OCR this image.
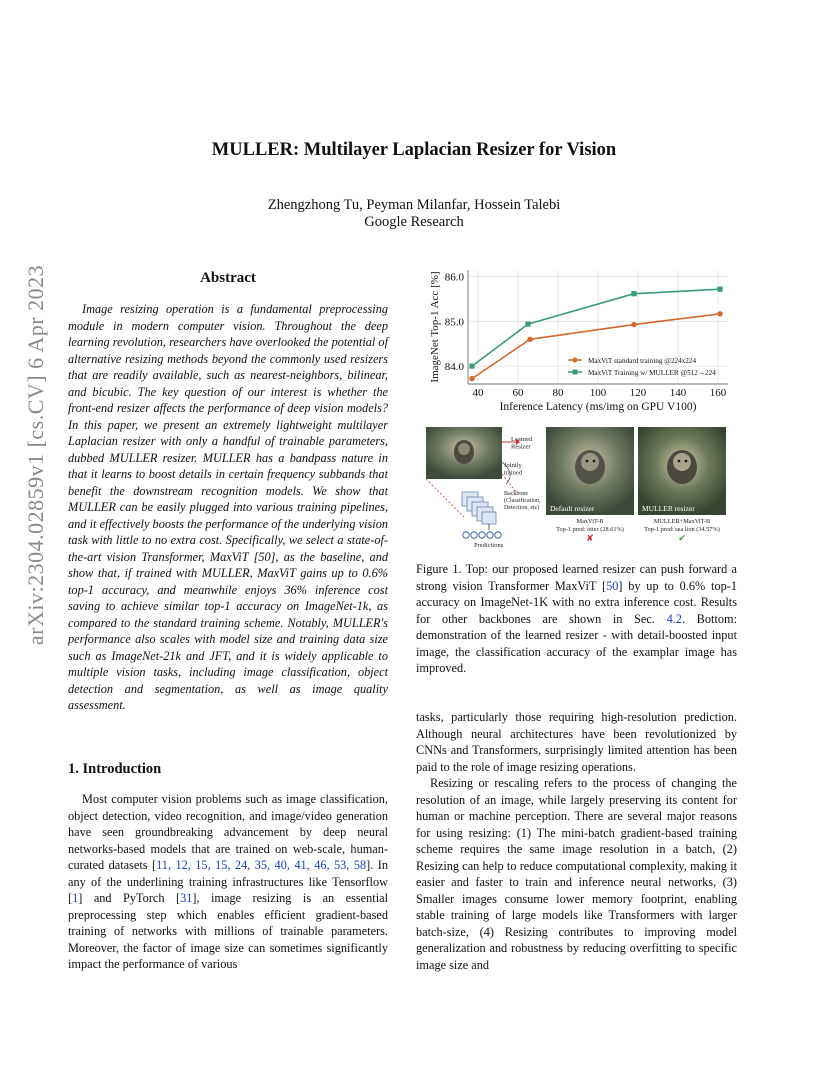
arXiv:2304.02859v1 [cs.CV] 6 Apr 2023
MULLER: Multilayer Laplacian Resizer for Vision
Zhengzhong Tu, Peyman Milanfar, Hossein Talebi
Google Research
Abstract

Image resizing operation is a fundamental preprocessing module in modern computer vision. Throughout the deep learning revolution, researchers have overlooked the potential of alternative resizing methods beyond the commonly used resizers that are readily available, such as nearest-neighbors, bilinear, and bicubic. The key question of our interest is whether the front-end resizer affects the performance of deep vision models? In this paper, we present an extremely lightweight multilayer Laplacian resizer with only a handful of trainable parameters, dubbed MULLER resizer. MULLER has a bandpass nature in that it learns to boost details in certain frequency subbands that benefit the downstream recognition models. We show that MULLER can be easily plugged into various training pipelines, and it effectively boosts the performance of the underlying vision task with little to no extra cost. Specifically, we select a state-of-the-art vision Transformer, MaxViT [50], as the baseline, and show that, if trained with MULLER, MaxViT gains up to 0.6% top-1 accuracy, and meanwhile enjoys 36% inference cost saving to achieve similar top-1 accuracy on ImageNet-1k, as compared to the standard training scheme. Notably, MULLER's performance also scales with model size and training data size such as ImageNet-21k and JFT, and it is widely applicable to multiple vision tasks, including image classification, object detection and segmentation, as well as image quality assessment.

1. Introduction

Most computer vision problems such as image classification, object detection, video recognition, and image/video generation have seen groundbreaking advancement by deep neural networks-based models that are trained on web-scale, human-curated datasets [11, 12, 15, 15, 24, 35, 40, 41, 46, 53, 58]. In any of the underlining training infrastructures like Tensorflow [1] and PyTorch [31], image resizing is an essential preprocessing step which enables efficient gradient-based training of networks with millions of trainable parameters. Moreover, the factor of image size can sometimes significantly impact the performance of various

40	60	80 100 120 140 160
84.0
85.0
86.0
Inference Latency (ms/img on GPU V100)
ImageNet Top-1 Acc [%]	MaxViT standard training @224x224
MaxViT Training w/ MULLER @512→224
Learned Resizer
Jointly trained
Backbone (Classification, Detection, etc)
Predictions
Default resizer	MULLER resizer
MaxViT-B
Top-1 pred: otter (28.61%)
✘
MULLER+MaxViT-B
Top-1 pred: sea lion (34.57%)
✔

Figure 1. Top: our proposed learned resizer can push forward a strong vision Transformer MaxViT [50] by up to 0.6% top-1 accuracy on ImageNet-1K with no extra inference cost. Results for other backbones are shown in Sec. 4.2. Bottom: demonstration of the learned resizer - with detail-boosted input image, the classification accuracy of the examplar image has improved.

tasks, particularly those requiring high-resolution prediction. Although neural architectures have been revolutionized by CNNs and Transformers, surprisingly limited attention has been paid to the role of image resizing operations.

Resizing or rescaling refers to the process of changing the resolution of an image, while largely preserving its content for human or machine perception. There are several major reasons for using resizing: (1) The mini-batch gradient-based training scheme requires the same image resolution in a batch, (2) Resizing can help to reduce computational complexity, making it easier and faster to train and inference neural networks, (3) Smaller images consume lower memory footprint, enabling stable training of large models like Transformers with larger batch-size, (4) Resizing contributes to improving model generalization and robustness by reducing overfitting to specific image size and
